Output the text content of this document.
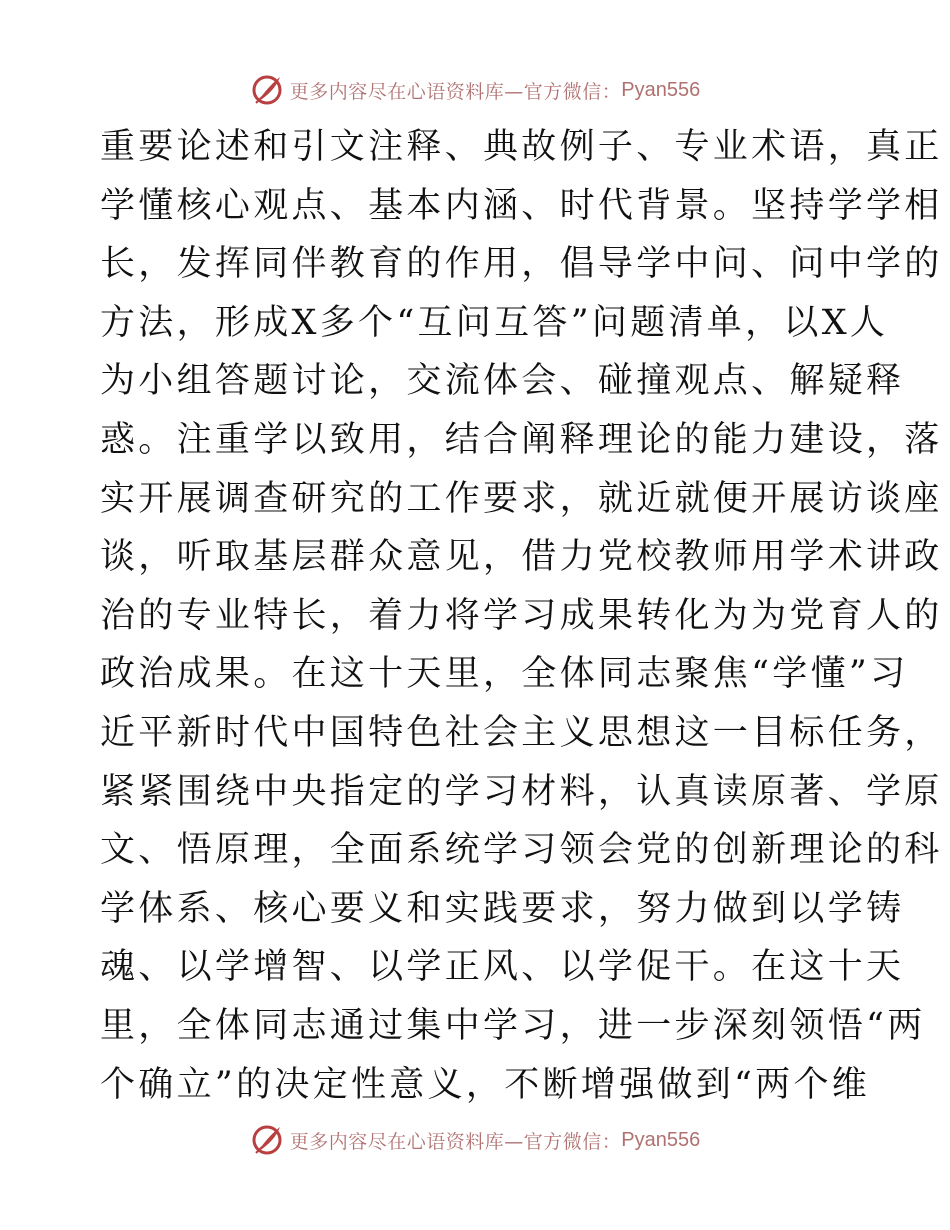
更多内容尽在心语资料库—官方微信： Pyan556
重要论述和引文注释、典故例子、专业术语，真正
学懂核心观点、基本内涵、时代背景。坚持学学相
长，发挥同伴教育的作用，倡导学中问、问中学的
方法，形成X多个“互问互答”问题清单，以X人
为小组答题讨论，交流体会、碰撞观点、解疑释
惑。注重学以致用，结合阐释理论的能力建设，落
实开展调查研究的工作要求，就近就便开展访谈座
谈，听取基层群众意见，借力党校教师用学术讲政
治的专业特长，着力将学习成果转化为为党育人的
政治成果。在这十天里，全体同志聚焦“学懂”习
近平新时代中国特色社会主义思想这一目标任务，
紧紧围绕中央指定的学习材料，认真读原著、学原
文、悟原理，全面系统学习领会党的创新理论的科
学体系、核心要义和实践要求，努力做到以学铸
魂、以学增智、以学正风、以学促干。在这十天
里，全体同志通过集中学习，进一步深刻领悟“两
个确立”的决定性意义，不断增强做到“两个维
更多内容尽在心语资料库—官方微信： Pyan556
